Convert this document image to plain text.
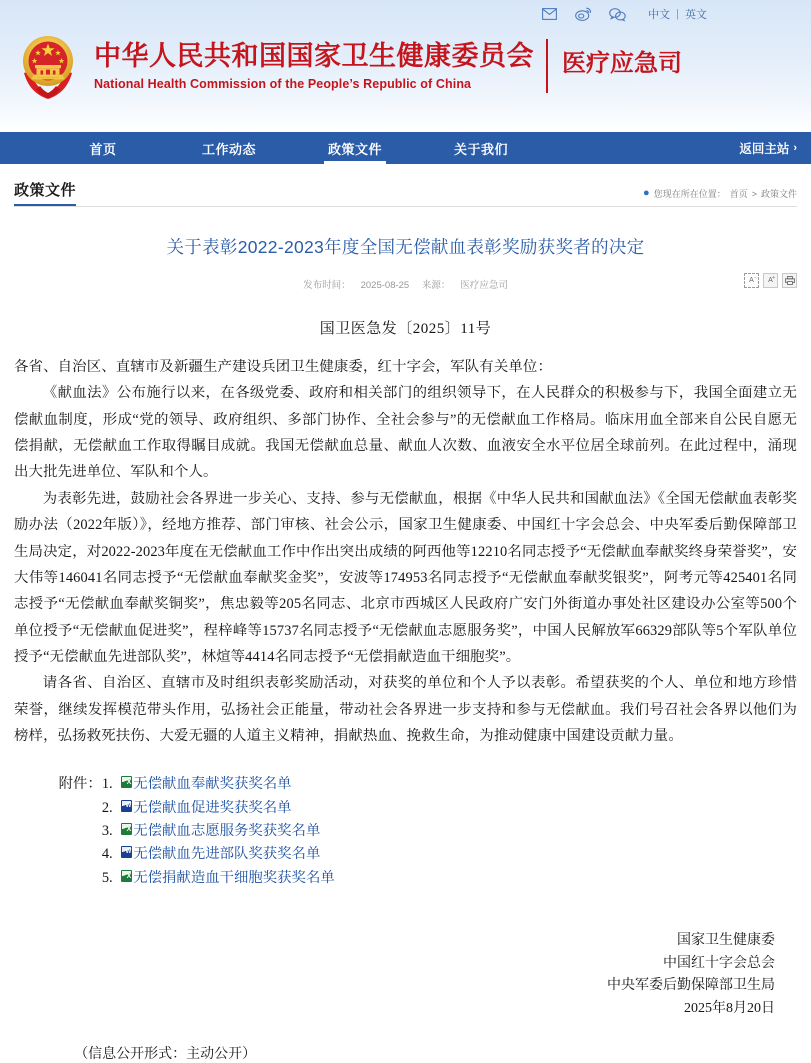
中文 | 英文
中华人民共和国国家卫生健康委员会
National Health Commission of the People’s Republic of China
医疗应急司
首页	工作动态	政策文件	关于我们	返回主站 ›
政策文件	● 您现在所在位置： 首页 > 政策文件
关于表彰2022-2023年度全国无偿献血表彰奖励获奖者的决定
发布时间： 2025-08-25 来源： 医疗应急司	A- A+
国卫医急发〔2025〕11号

各省、自治区、直辖市及新疆生产建设兵团卫生健康委，红十字会，军队有关单位：

《献血法》公布施行以来，在各级党委、政府和相关部门的组织领导下，在人民群众的积极参与下，我国全面建立无偿献血制度，形成“党的领导、政府组织、多部门协作、全社会参与”的无偿献血工作格局。临床用血全部来自公民自愿无偿捐献，无偿献血工作取得瞩目成就。我国无偿献血总量、献血人次数、血液安全水平位居全球前列。在此过程中，涌现出大批先进单位、军队和个人。

为表彰先进，鼓励社会各界进一步关心、支持、参与无偿献血，根据《中华人民共和国献血法》《全国无偿献血表彰奖励办法（2022年版）》，经地方推荐、部门审核、社会公示，国家卫生健康委、中国红十字会总会、中央军委后勤保障部卫生局决定，对2022-2023年度在无偿献血工作中作出突出成绩的阿西他等12210名同志授予“无偿献血奉献奖终身荣誉奖”，安大伟等146041名同志授予“无偿献血奉献奖金奖”，安波等174953名同志授予“无偿献血奉献奖银奖”，阿考元等425401名同志授予“无偿献血奉献奖铜奖”，焦忠毅等205名同志、北京市西城区人民政府广安门外街道办事处社区建设办公室等500个单位授予“无偿献血促进奖”，程梓峰等15737名同志授予“无偿献血志愿服务奖”，中国人民解放军66329部队等5个军队单位授予“无偿献血先进部队奖”，林煊等4414名同志授予“无偿捐献造血干细胞奖”。

请各省、自治区、直辖市及时组织表彰奖励活动，对获奖的单位和个人予以表彰。希望获奖的个人、单位和地方珍惜荣誉，继续发挥模范带头作用，弘扬社会正能量，带动社会各界进一步支持和参与无偿献血。我们号召社会各界以他们为榜样，弘扬救死扶伤、大爱无疆的人道主义精神，捐献热血、挽救生命，为推动健康中国建设贡献力量。

附件： 1. X	无偿献血奉献奖获奖名单
2. W	无偿献血促进奖获奖名单
3. X	无偿献血志愿服务奖获奖名单
4. W	无偿献血先进部队奖获奖名单
5. X	无偿捐献造血干细胞奖获奖名单
国家卫生健康委
中国红十字会总会
中央军委后勤保障部卫生局
2025年8月20日
（信息公开形式：主动公开）
